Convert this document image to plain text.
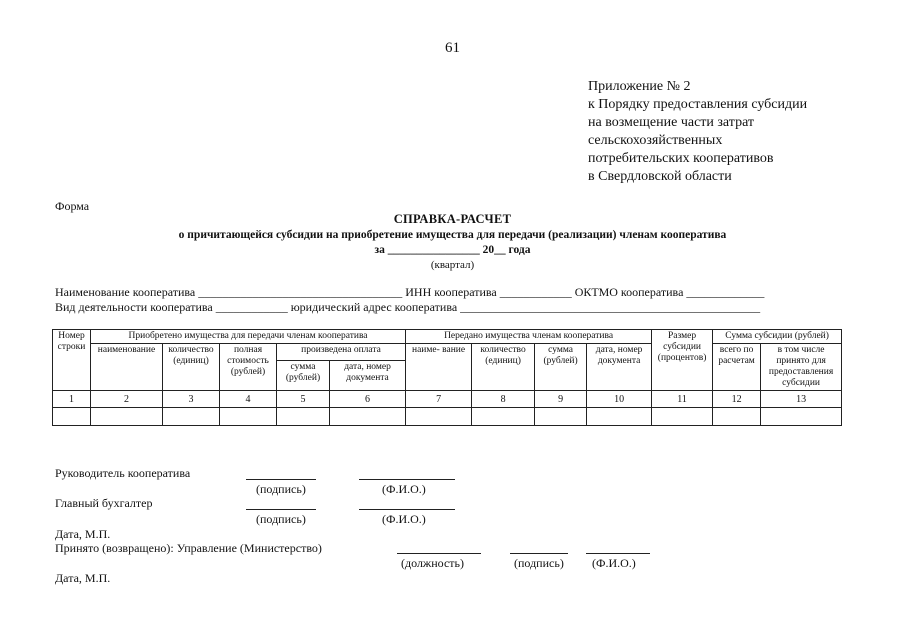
61
Приложение № 2
к Порядку предоставления субсидии
на возмещение части затрат
сельскохозяйственных
потребительских кооперативов
в Свердловской области
Форма
СПРАВКА-РАСЧЕТ
о причитающейся субсидии на приобретение имущества для передачи (реализации) членам кооператива
за ________________ 20__ года
(квартал)
Наименование кооператива __________________________________ ИНН кооператива ____________ ОКТМО кооператива _____________
Вид деятельности кооператива ____________ юридический адрес кооператива __________________________________________________
Номер строки	Приобретено имущества для передачи членам кооператива					Передано имущества членам кооператива				Размер субсидии (процентов)	Сумма субсидии (рублей)	
	наименование	количество (единиц)	полная стоимость (рублей)	произведена оплата		наиме- вание	количество (единиц)	сумма (рублей)	дата, номер документа		всего по расчетам	в том числе принято для предоставления субсидии
				сумма (рублей)	дата, номер документа							
1	2	3	4	5	6	7	8	9	10	11	12	13

Руководитель кооператива
(подпись)	(Ф.И.О.)
Главный бухгалтер
(подпись)	(Ф.И.О.)
Дата, М.П.
Принято (возвращено): Управление (Министерство)
(должность)	(подпись) (Ф.И.О.)
Дата, М.П.
